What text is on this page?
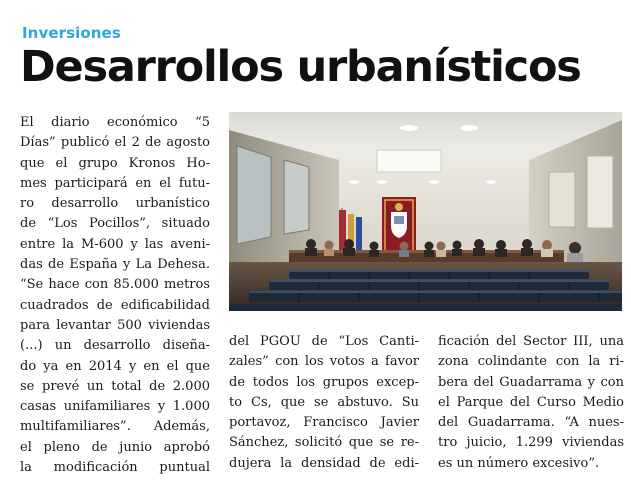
Inversiones
Desarrollos urbanísticos

El diario económico “5

Días” publicó el 2 de agosto

que el grupo Kronos Ho-

mes participará en el futu-

ro desarrollo urbanístico

de “Los Pocillos”, situado

entre la M-600 y las aveni-

das de España y La Dehesa.

“Se hace con 85.000 metros

cuadrados de edificabilidad

para levantar 500 viviendas

(...) un desarrollo diseña-

do ya en 2014 y en el que

se prevé un total de 2.000

casas unifamiliares y 1.000

multifamiliares”. Además,

el pleno de junio aprobó

la modificación puntual

del PGOU de “Los Canti-

zales” con los votos a favor

de todos los grupos excep-

to Cs, que se abstuvo. Su

portavoz, Francisco Javier

Sánchez, solicitó que se re-

dujera la densidad de edi-

ficación del Sector III, una

zona colindante con la ri-

bera del Guadarrama y con

el Parque del Curso Medio

del Guadarrama. “A nues-

tro juicio, 1.299 viviendas

es un número excesivo”.
